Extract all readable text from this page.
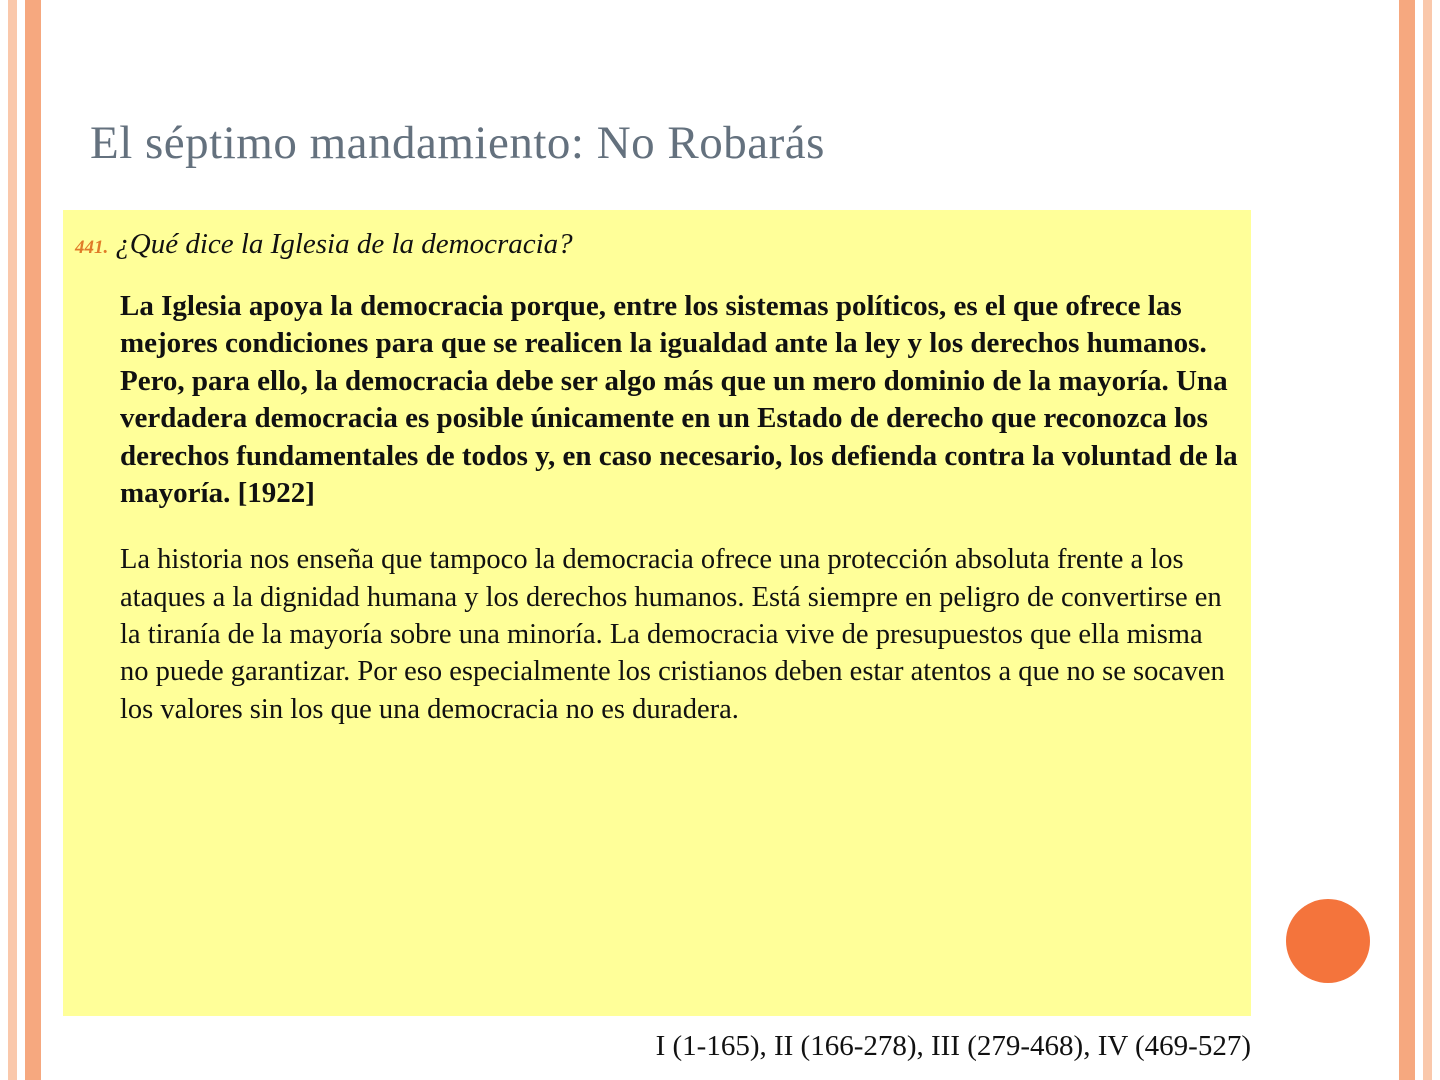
El séptimo mandamiento: No Robarás
441. ¿Qué dice la Iglesia de la democracia?

La Iglesia apoya la democracia porque, entre los sistemas políticos, es el que ofrece las mejores condiciones para que se realicen la igualdad ante la ley y los derechos humanos. Pero, para ello, la democracia debe ser algo más que un mero dominio de la mayoría. Una verdadera democracia es posible únicamente en un Estado de derecho que reconozca los derechos fundamentales de todos y, en caso necesario, los defienda contra la voluntad de la mayoría. [1922]

La historia nos enseña que tampoco la democracia ofrece una protección absoluta frente a los ataques a la dignidad humana y los derechos humanos. Está siempre en peligro de convertirse en la tiranía de la mayoría sobre una minoría. La democracia vive de presupuestos que ella misma no puede garantizar. Por eso especialmente los cristianos deben estar atentos a que no se socaven los valores sin los que una democracia no es duradera.

I (1-165), II (166-278), III (279-468), IV (469-527)
